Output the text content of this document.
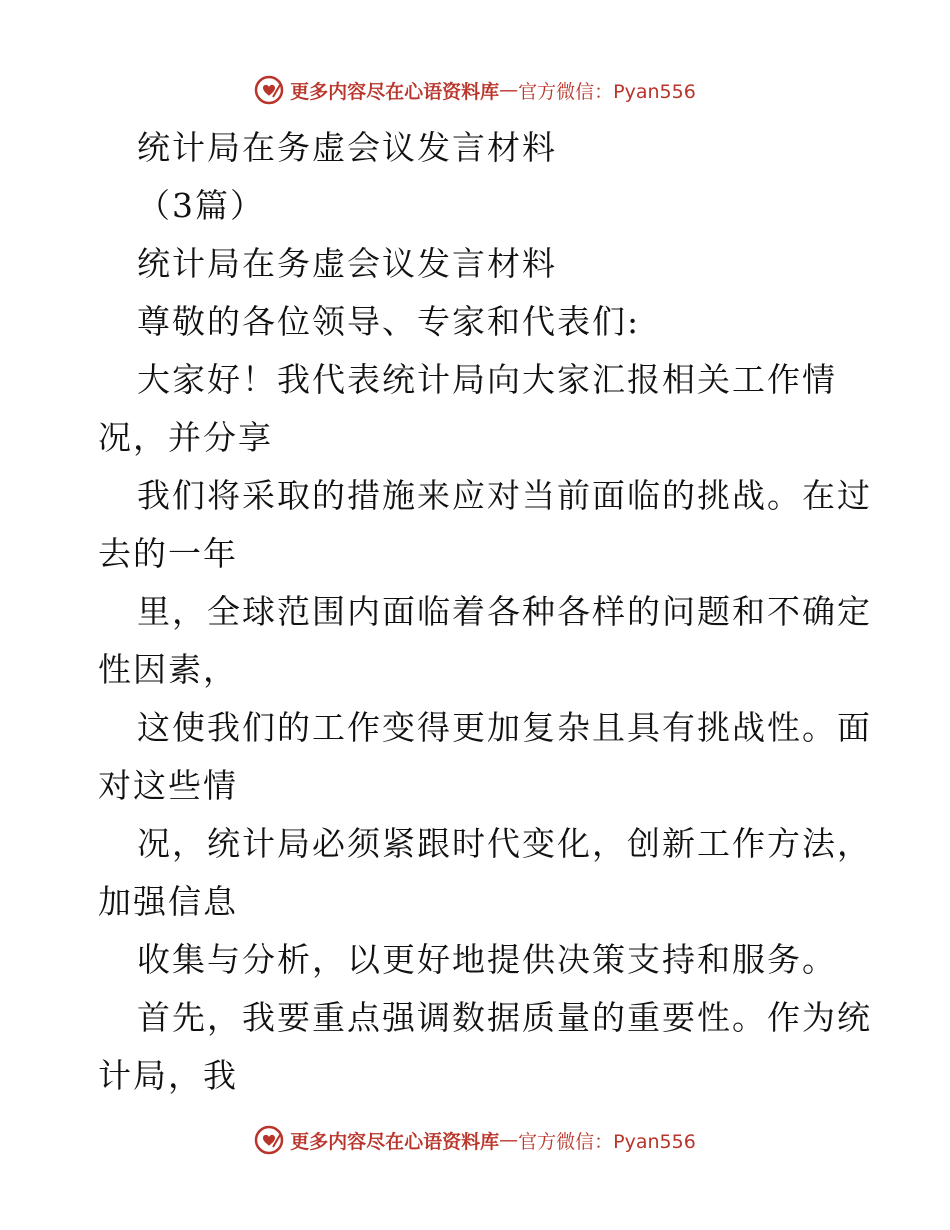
更多内容尽在心语资料库 — 官方微信：Pyan556
统计局在务虚会议发言材料
（3篇）
统计局在务虚会议发言材料
尊敬的各位领导、专家和代表们:
大家好！我代表统计局向大家汇报相关工作情
况，并分享
我们将采取的措施来应对当前面临的挑战。在过
去的一年
里，全球范围内面临着各种各样的问题和不确定
性因素，
这使我们的工作变得更加复杂且具有挑战性。面
对这些情
况，统计局必须紧跟时代变化，创新工作方法，
加强信息
收集与分析，以更好地提供决策支持和服务。
首先，我要重点强调数据质量的重要性。作为统
计局，我
更多内容尽在心语资料库 — 官方微信：Pyan556
